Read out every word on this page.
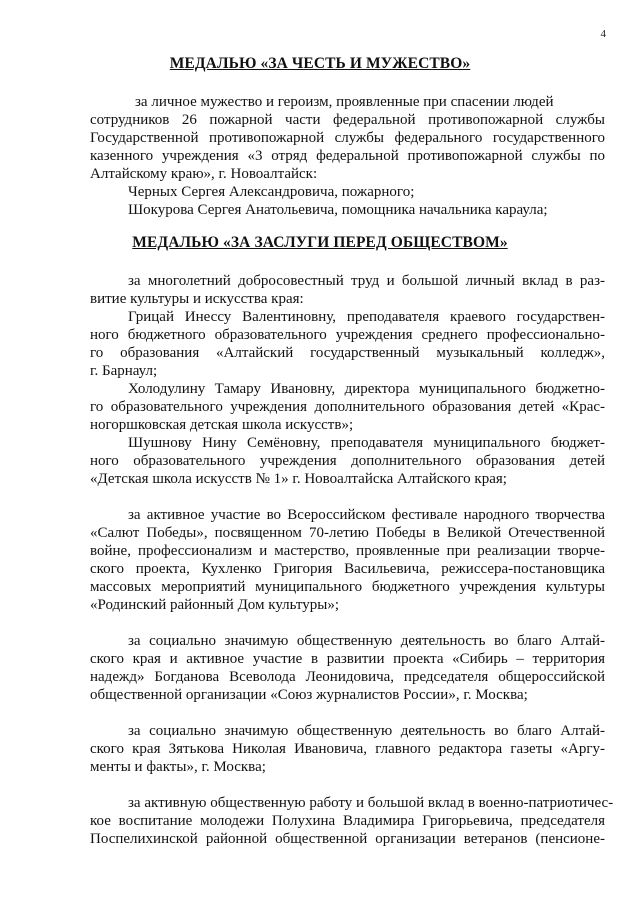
4
МЕДАЛЬЮ «ЗА ЧЕСТЬ И МУЖЕСТВО»
за личное мужество и героизм, проявленные при спасении людей
сотрудников 26 пожарной части федеральной противопожарной службы
Государственной противопожарной службы федерального государственного
казенного учреждения «3 отряд федеральной противопожарной службы по
Алтайскому краю», г. Новоалтайск:
Черных Сергея Александровича, пожарного;
Шокурова Сергея Анатольевича, помощника начальника караула;
МЕДАЛЬЮ «ЗА ЗАСЛУГИ ПЕРЕД ОБЩЕСТВОМ»
за многолетний добросовестный труд и большой личный вклад в раз-
витие культуры и искусства края:
Грицай Инессу Валентиновну, преподавателя краевого государствен-
ного бюджетного образовательного учреждения среднего профессионально-
го образования «Алтайский государственный музыкальный колледж»,
г. Барнаул;
Холодулину Тамару Ивановну, директора муниципального бюджетно-
го образовательного учреждения дополнительного образования детей «Крас-
ногоршковская детская школа искусств»;
Шушнову Нину Семёновну, преподавателя муниципального бюджет-
ного образовательного учреждения дополнительного образования детей
«Детская школа искусств № 1» г. Новоалтайска Алтайского края;
за активное участие во Всероссийском фестивале народного творчества
«Салют Победы», посвященном 70-летию Победы в Великой Отечественной
войне, профессионализм и мастерство, проявленные при реализации творче-
ского проекта, Кухленко Григория Васильевича, режиссера-постановщика
массовых мероприятий муниципального бюджетного учреждения культуры
«Родинский районный Дом культуры»;
за социально значимую общественную деятельность во благо Алтай-
ского края и активное участие в развитии проекта «Сибирь – территория
надежд» Богданова Всеволода Леонидовича, председателя общероссийской
общественной организации «Союз журналистов России», г. Москва;
за социально значимую общественную деятельность во благо Алтай-
ского края Зятькова Николая Ивановича, главного редактора газеты «Аргу-
менты и факты», г. Москва;
за активную общественную работу и большой вклад в военно-патриотичес-
кое воспитание молодежи Полухина Владимира Григорьевича, председателя
Поспелихинской районной общественной организации ветеранов (пенсионе-
